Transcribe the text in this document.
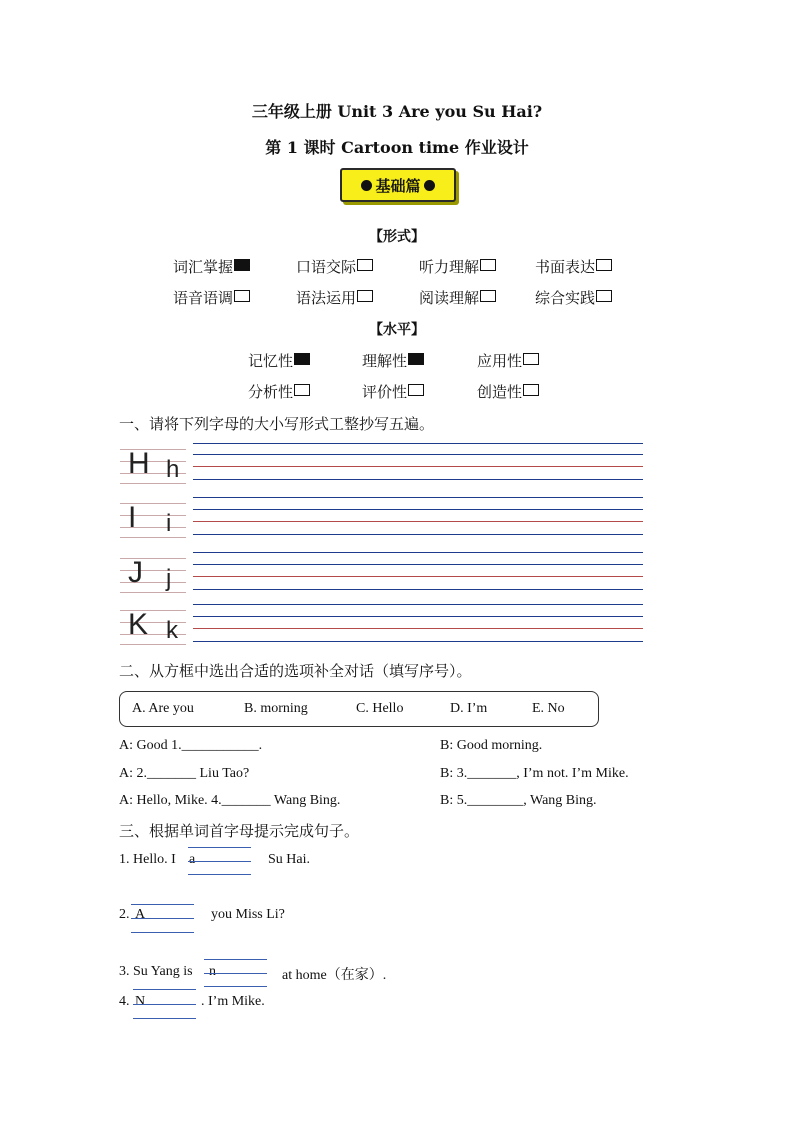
三年级上册 Unit 3 Are you Su Hai?
第 1 课时 Cartoon time 作业设计
基础篇
【形式】
词汇掌握	口语交际	听力理解	书面表达
语音语调	语法运用	阅读理解	综合实践
【水平】
记忆性	理解性	应用性
分析性	评价性	创造性
一、请将下列字母的大小写形式工整抄写五遍。
H h
I i
J j
K k
二、从方框中选出合适的选项补全对话（填写序号）。
A. Are you	B. morning	C. Hello	D. I’m	E. No
A: Good 1.___________.	B: Good morning.
A: 2._______ Liu Tao?	B: 3._______, I’m not. I’m Mike.
A: Hello, Mike. 4._______ Wang Bing.	B: 5.________, Wang Bing.
三、根据单词首字母提示完成句子。
1. Hello. I a	Su Hai.
2. A	you Miss Li?
3. Su Yang is n	at home（在家）.
4. N	. I’m Mike.
